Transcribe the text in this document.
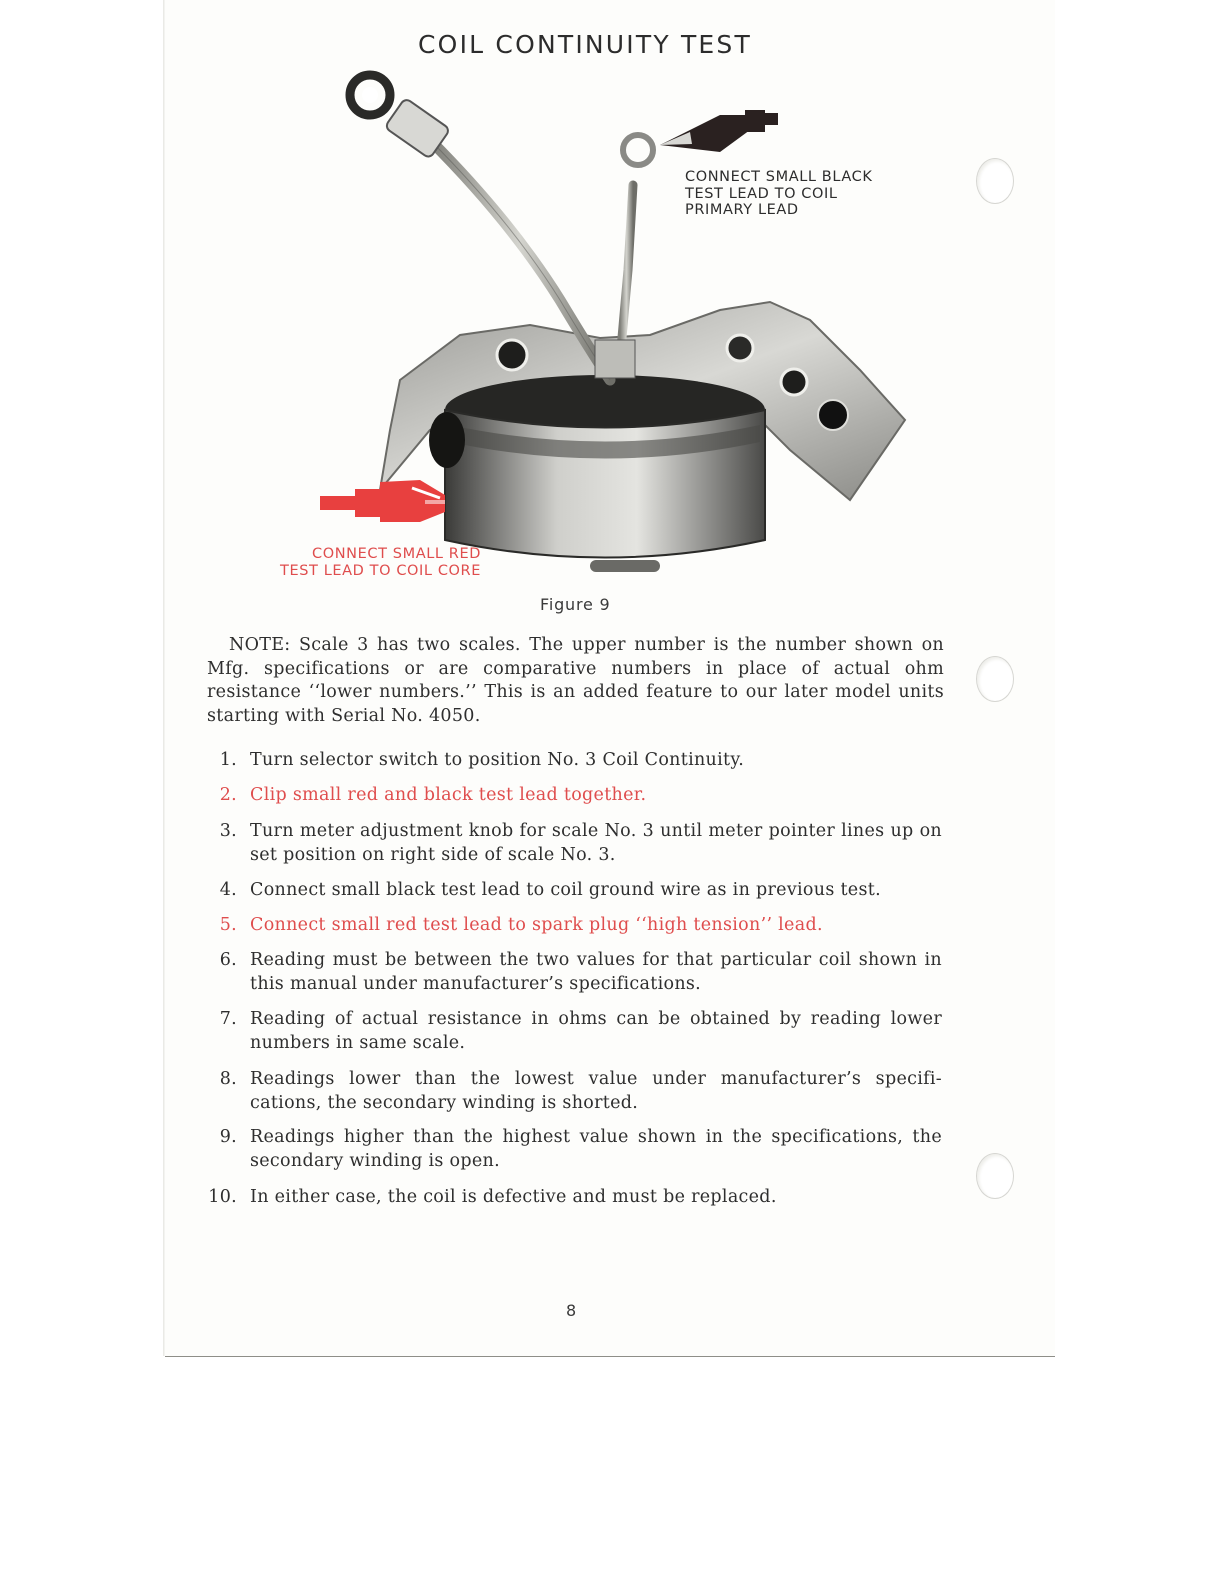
COIL CONTINUITY TEST

CONNECT SMALL BLACK
TEST LEAD TO COIL
PRIMARY LEAD

CONNECT SMALL RED
TEST LEAD TO COIL CORE

Figure 9

NOTE: Scale 3 has two scales. The upper number is the number shown on Mfg. specifications or are comparative numbers in place of actual ohm resistance ‘‘lower numbers.’’ This is an added feature to our later model units starting with Serial No. 4050.

1. Turn selector switch to position No. 3 Coil Continuity.
2. Clip small red and black test lead together.
3. Turn meter adjustment knob for scale No. 3 until meter pointer lines up on set position on right side of scale No. 3.
4. Connect small black test lead to coil ground wire as in previous test.
5. Connect small red test lead to spark plug ‘‘high tension’’ lead.
6. Reading must be between the two values for that particular coil shown in this manual under manufacturer’s specifications.
7. Reading of actual resistance in ohms can be obtained by reading lower numbers in same scale.
8. Readings lower than the lowest value under manufacturer’s specifi- cations, the secondary winding is shorted.
9. Readings higher than the highest value shown in the specifications, the secondary winding is open.
10. In either case, the coil is defective and must be replaced.
8
